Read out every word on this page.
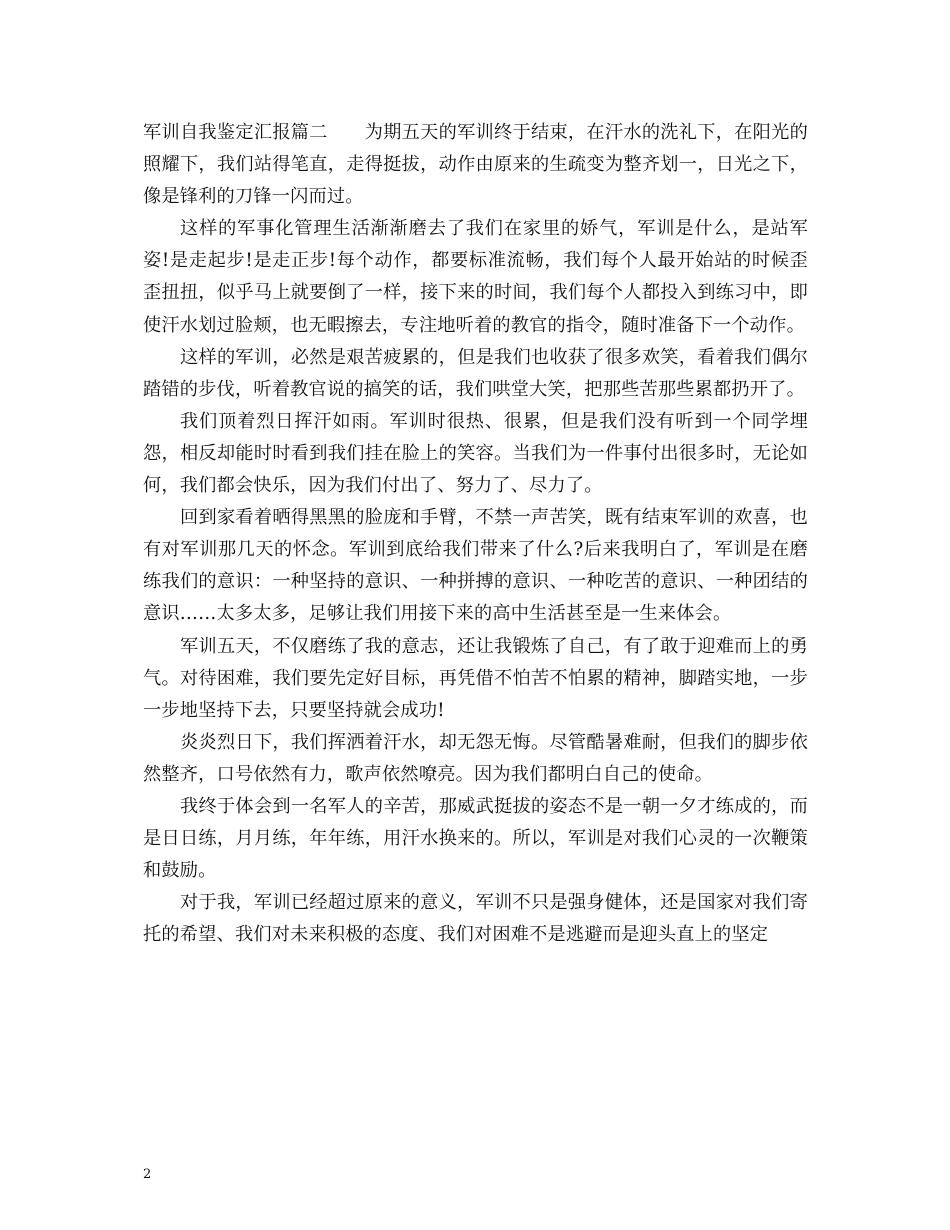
军训自我鉴定汇报篇二　　为期五天的军训终于结束，在汗水的洗礼下，在阳光的照耀下，我们站得笔直，走得挺拔，动作由原来的生疏变为整齐划一，日光之下，像是锋利的刀锋一闪而过。

这样的军事化管理生活渐渐磨去了我们在家里的娇气，军训是什么，是站军姿!是走起步!是走正步!每个动作，都要标准流畅，我们每个人最开始站的时候歪歪扭扭，似乎马上就要倒了一样，接下来的时间，我们每个人都投入到练习中，即使汗水划过脸颊，也无暇擦去，专注地听着的教官的指令，随时准备下一个动作。

这样的军训，必然是艰苦疲累的，但是我们也收获了很多欢笑，看着我们偶尔踏错的步伐，听着教官说的搞笑的话，我们哄堂大笑，把那些苦那些累都扔开了。

我们顶着烈日挥汗如雨。军训时很热、很累，但是我们没有听到一个同学埋怨，相反却能时时看到我们挂在脸上的笑容。当我们为一件事付出很多时，无论如何，我们都会快乐，因为我们付出了、努力了、尽力了。

回到家看着晒得黑黑的脸庞和手臂，不禁一声苦笑，既有结束军训的欢喜，也有对军训那几天的怀念。军训到底给我们带来了什么?后来我明白了，军训是在磨练我们的意识：一种坚持的意识、一种拼搏的意识、一种吃苦的意识、一种团结的意识……太多太多，足够让我们用接下来的高中生活甚至是一生来体会。

军训五天，不仅磨练了我的意志，还让我锻炼了自己，有了敢于迎难而上的勇气。对待困难，我们要先定好目标，再凭借不怕苦不怕累的精神，脚踏实地，一步一步地坚持下去，只要坚持就会成功!

炎炎烈日下，我们挥洒着汗水，却无怨无悔。尽管酷暑难耐，但我们的脚步依然整齐，口号依然有力，歌声依然嘹亮。因为我们都明白自己的使命。

我终于体会到一名军人的辛苦，那威武挺拔的姿态不是一朝一夕才练成的，而是日日练，月月练，年年练，用汗水换来的。所以，军训是对我们心灵的一次鞭策和鼓励。

对于我，军训已经超过原来的意义，军训不只是强身健体，还是国家对我们寄托的希望、我们对未来积极的态度、我们对困难不是逃避而是迎头直上的坚定

2
